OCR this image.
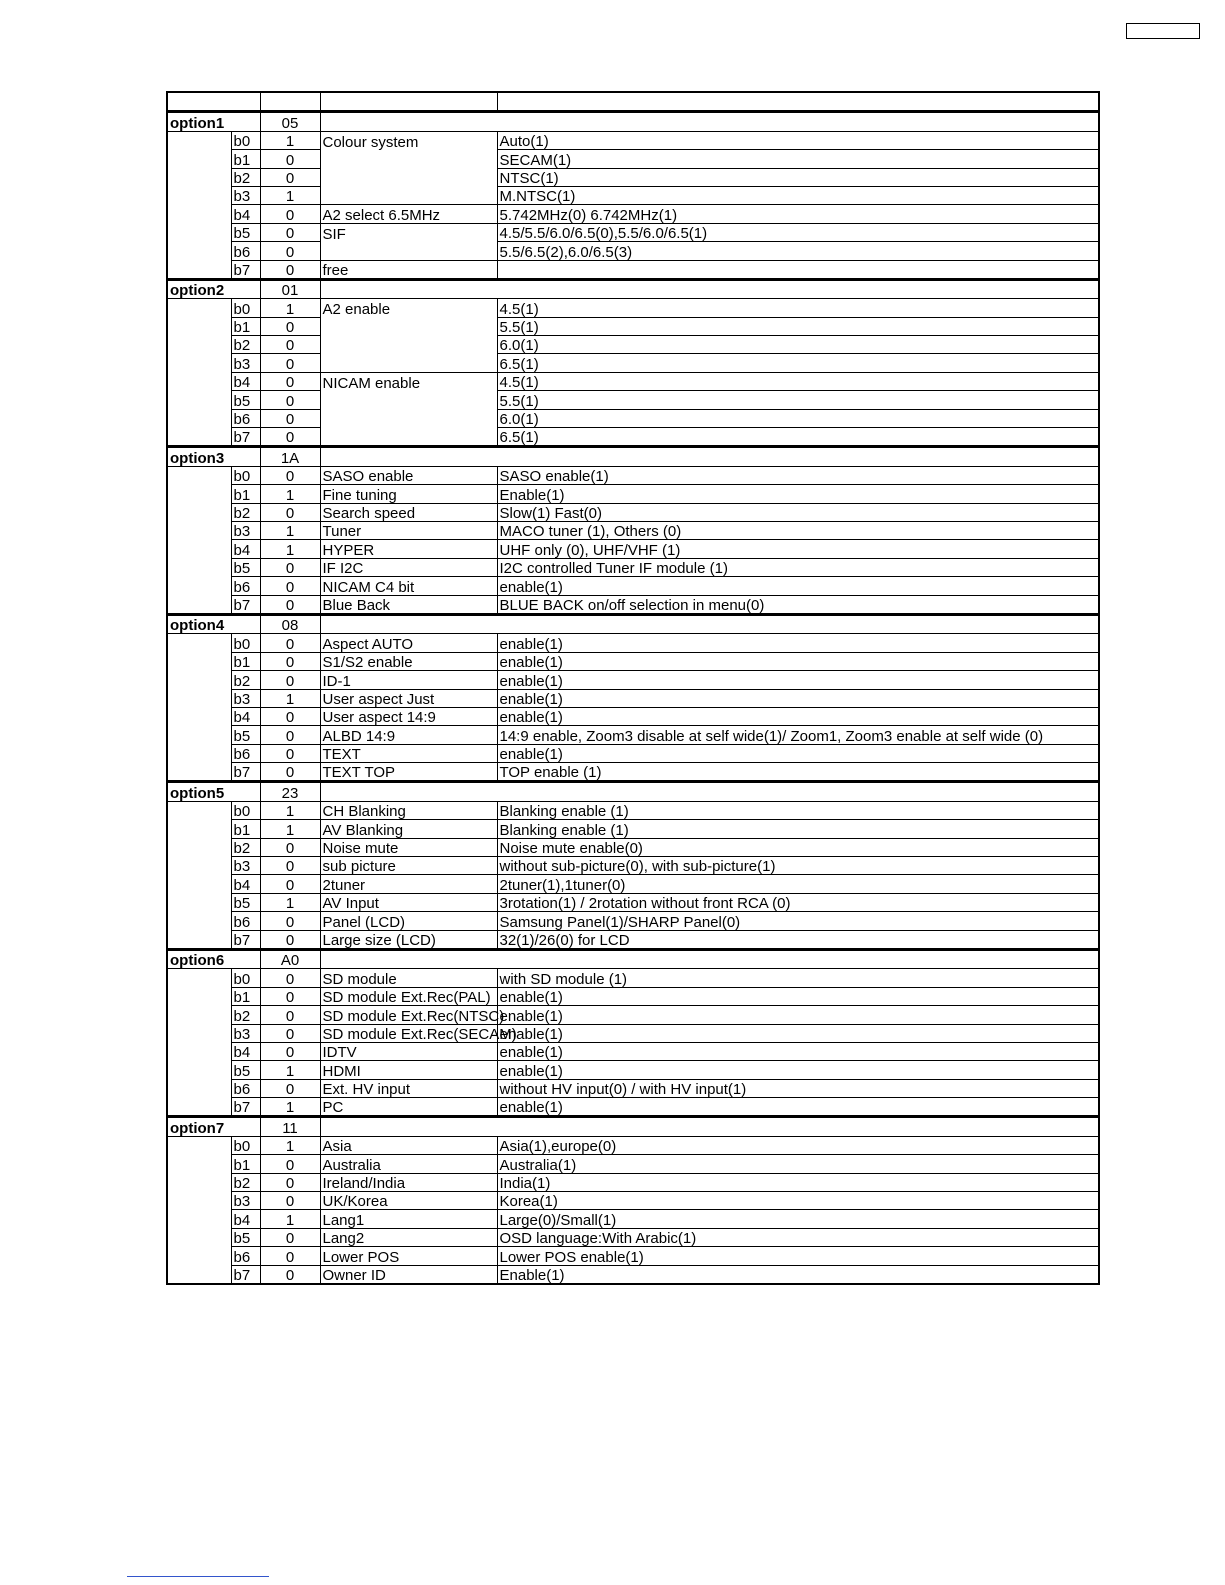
option1		05		
	b0	1	Colour system	Auto(1)
	b1	0		SECAM(1)
	b2	0		NTSC(1)
	b3	1		M.NTSC(1)
	b4	0	A2 select 6.5MHz	5.742MHz(0) 6.742MHz(1)
	b5	0	SIF	4.5/5.5/6.0/6.5(0),5.5/6.0/6.5(1)
	b6	0		5.5/6.5(2),6.0/6.5(3)
	b7	0	free	
option2		01		
	b0	1	A2 enable	4.5(1)
	b1	0		5.5(1)
	b2	0		6.0(1)
	b3	0		6.5(1)
	b4	0	NICAM enable	4.5(1)
	b5	0		5.5(1)
	b6	0		6.0(1)
	b7	0		6.5(1)
option3		1A		
	b0	0	SASO enable	SASO enable(1)
	b1	1	Fine tuning	Enable(1)
	b2	0	Search speed	Slow(1) Fast(0)
	b3	1	Tuner	MACO tuner (1), Others (0)
	b4	1	HYPER	UHF only (0), UHF/VHF (1)
	b5	0	IF I2C	I2C controlled Tuner IF module (1)
	b6	0	NICAM C4 bit	enable(1)
	b7	0	Blue Back	BLUE BACK on/off selection in menu(0)
option4		08		
	b0	0	Aspect AUTO	enable(1)
	b1	0	S1/S2 enable	enable(1)
	b2	0	ID-1	enable(1)
	b3	1	User aspect Just	enable(1)
	b4	0	User aspect 14:9	enable(1)
	b5	0	ALBD 14:9	14:9 enable, Zoom3 disable at self wide(1)/ Zoom1, Zoom3 enable at self wide (0)
	b6	0	TEXT	enable(1)
	b7	0	TEXT TOP	TOP enable (1)
option5		23		
	b0	1	CH Blanking	Blanking enable (1)
	b1	1	AV Blanking	Blanking enable (1)
	b2	0	Noise mute	Noise mute enable(0)
	b3	0	sub picture	without sub-picture(0), with sub-picture(1)
	b4	0	2tuner	2tuner(1),1tuner(0)
	b5	1	AV Input	3rotation(1) / 2rotation without front RCA (0)
	b6	0	Panel (LCD)	Samsung Panel(1)/SHARP Panel(0)
	b7	0	Large size (LCD)	32(1)/26(0) for LCD
option6		A0		
	b0	0	SD module	with SD module (1)
	b1	0	SD module Ext.Rec(PAL)	enable(1)
	b2	0	SD module Ext.Rec(NTSC)	enable(1)
	b3	0	SD module Ext.Rec(SECAM)	enable(1)
	b4	0	IDTV	enable(1)
	b5	1	HDMI	enable(1)
	b6	0	Ext. HV input	without HV input(0) / with HV input(1)
	b7	1	PC	enable(1)
option7		11		
	b0	1	Asia	Asia(1),europe(0)
	b1	0	Australia	Australia(1)
	b2	0	Ireland/India	India(1)
	b3	0	UK/Korea	Korea(1)
	b4	1	Lang1	Large(0)/Small(1)
	b5	0	Lang2	OSD language:With Arabic(1)
	b6	0	Lower POS	Lower POS enable(1)
	b7	0	Owner ID	Enable(1)
